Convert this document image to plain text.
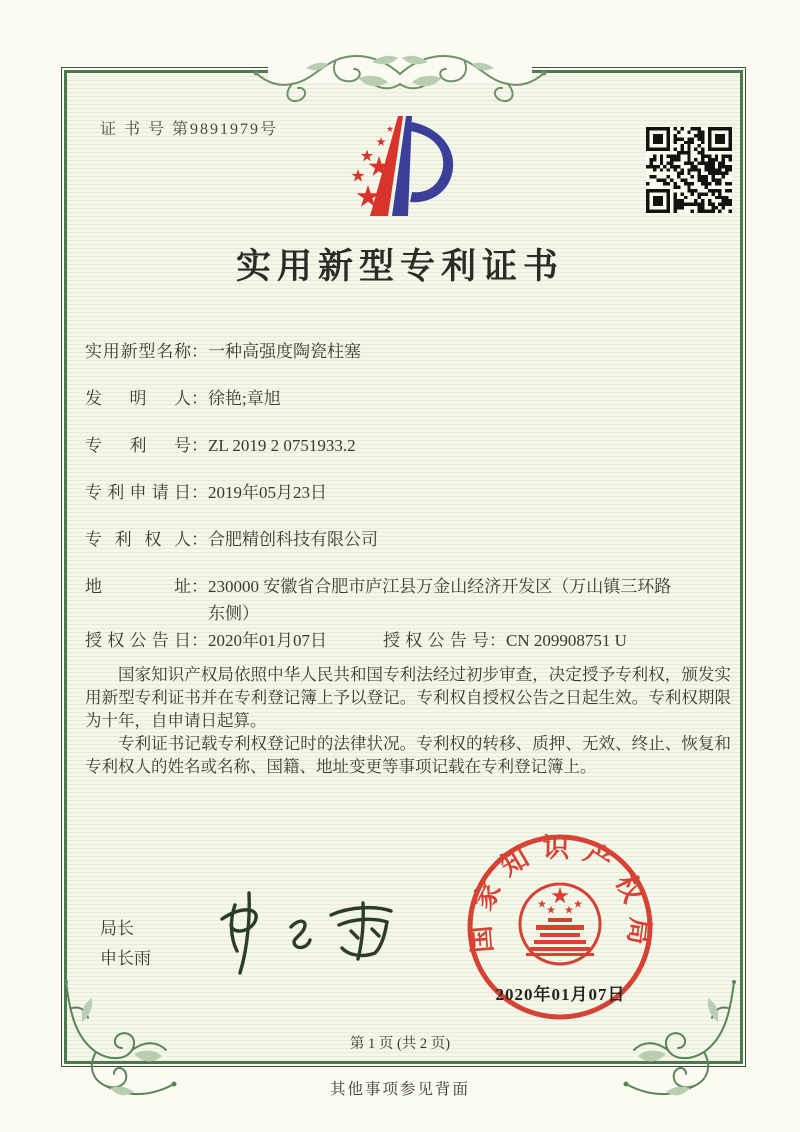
证 书 号 第9891979号
实用新型专利证书
实用新型名称：一种高强度陶瓷柱塞
发明人：徐艳;章旭
专利号：ZL 2019 2 0751933.2
专利申请日：2019年05月23日
专利权人：合肥精创科技有限公司
地址：230000 安徽省合肥市庐江县万金山经济开发区（万山镇三环路东侧）
授权公告日：2020年01月07日	授权公告号：CN 209908751 U

国家知识产权局依照中华人民共和国专利法经过初步审查，决定授予专利权，颁发实用新型专利证书并在专利登记簿上予以登记。专利权自授权公告之日起生效。专利权期限为十年，自申请日起算。

专利证书记载专利权登记时的法律状况。专利权的转移、质押、无效、终止、恢复和专利权人的姓名或名称、国籍、地址变更等事项记载在专利登记簿上。

局长
申长雨
国家知识产权局
2020年01月07日
第 1 页 (共 2 页)
其他事项参见背面
